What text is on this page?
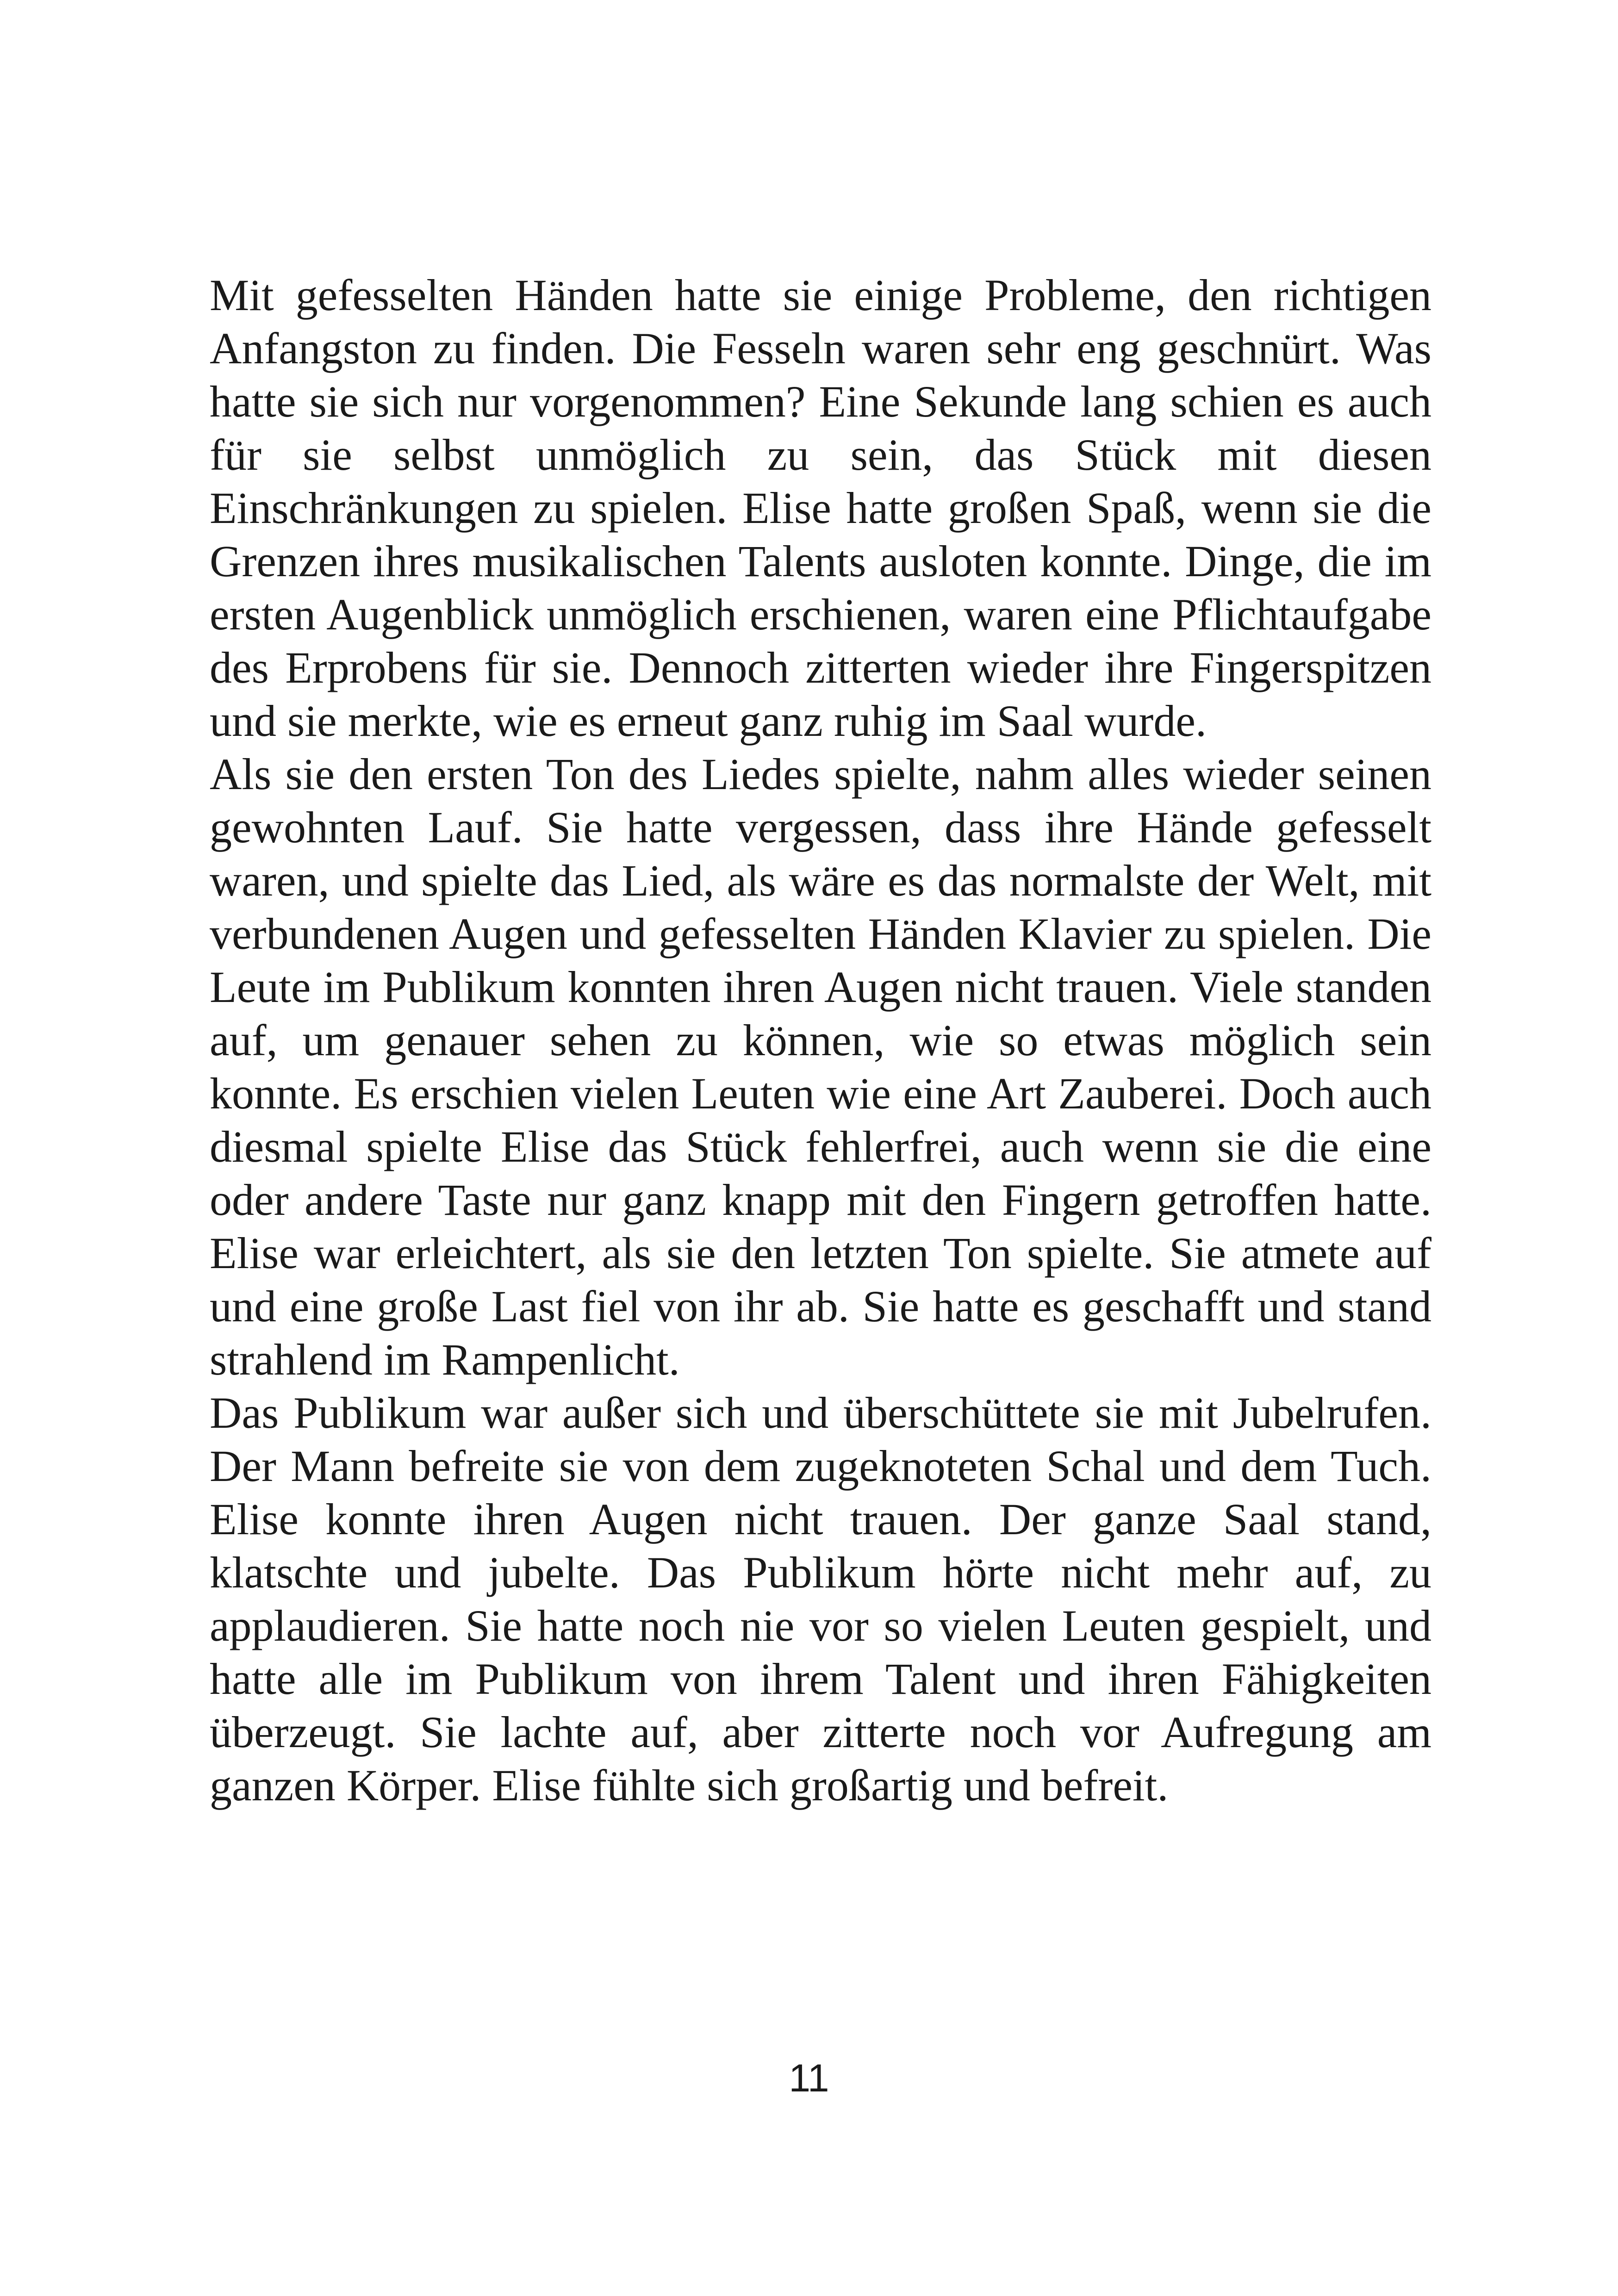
Mit gefesselten Händen hatte sie einige Probleme, den richtigen Anfangston zu finden. Die Fesseln waren sehr eng geschnürt. Was hatte sie sich nur vorgenommen? Eine Sekunde lang schien es auch für sie selbst unmöglich zu sein, das Stück mit diesen Einschränkungen zu spielen. Elise hatte großen Spaß, wenn sie die Grenzen ihres musikalischen Talents ausloten konnte. Dinge, die im ersten Augenblick unmöglich erschienen, waren eine Pflichtaufgabe des Erprobens für sie. Dennoch zitterten wieder ihre Fingerspitzen und sie merkte, wie es erneut ganz ruhig im Saal wurde.

Als sie den ersten Ton des Liedes spielte, nahm alles wieder seinen gewohnten Lauf. Sie hatte vergessen, dass ihre Hände gefesselt waren, und spielte das Lied, als wäre es das normalste der Welt, mit verbundenen Augen und gefesselten Händen Klavier zu spielen. Die Leute im Publikum konnten ihren Augen nicht trauen. Viele standen auf, um genauer sehen zu können, wie so etwas möglich sein konnte. Es erschien vielen Leuten wie eine Art Zauberei. Doch auch diesmal spielte Elise das Stück fehlerfrei, auch wenn sie die eine oder andere Taste nur ganz knapp mit den Fingern getroffen hatte. Elise war erleichtert, als sie den letzten Ton spielte. Sie atmete auf und eine große Last fiel von ihr ab. Sie hatte es geschafft und stand strahlend im Rampenlicht.

Das Publikum war außer sich und überschüttete sie mit Jubelrufen. Der Mann befreite sie von dem zugeknoteten Schal und dem Tuch. Elise konnte ihren Augen nicht trauen. Der ganze Saal stand, klatschte und jubelte. Das Publikum hörte nicht mehr auf, zu applaudieren. Sie hatte noch nie vor so vielen Leuten gespielt, und hatte alle im Publikum von ihrem Talent und ihren Fähigkeiten überzeugt. Sie lachte auf, aber zitterte noch vor Aufregung am ganzen Körper. Elise fühlte sich großartig und befreit.

11
